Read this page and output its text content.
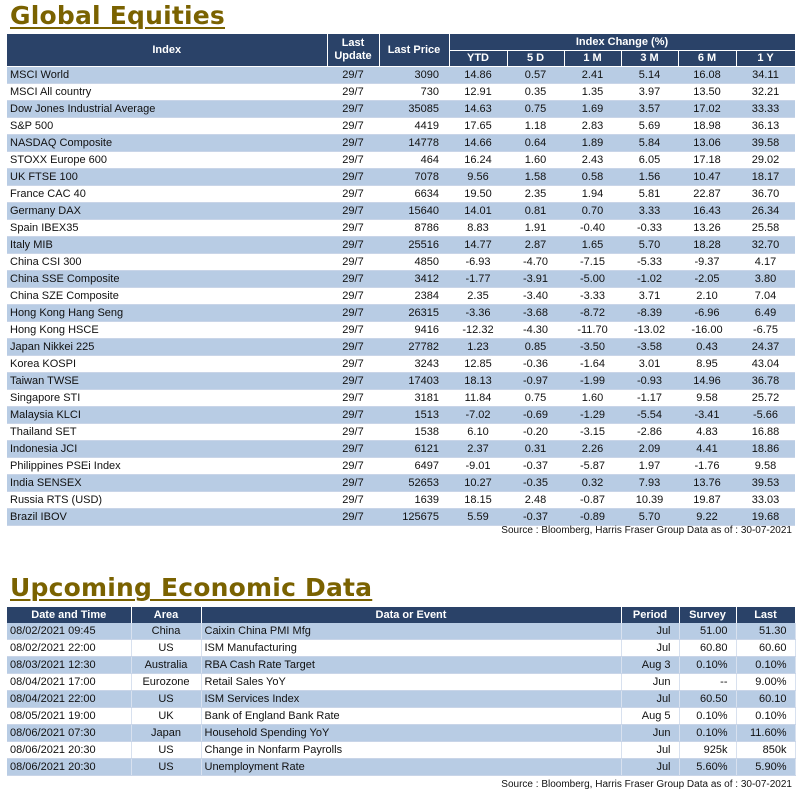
Global Equities
Index	Last Update	Last Price	Index Change (%)					
			YTD	5 D	1 M	3 M	6 M	1 Y
MSCI World	29/7	3090	14.86	0.57	2.41	5.14	16.08	34.11
MSCI All country	29/7	730	12.91	0.35	1.35	3.97	13.50	32.21
Dow Jones Industrial Average	29/7	35085	14.63	0.75	1.69	3.57	17.02	33.33
S&P 500	29/7	4419	17.65	1.18	2.83	5.69	18.98	36.13
NASDAQ Composite	29/7	14778	14.66	0.64	1.89	5.84	13.06	39.58
STOXX Europe 600	29/7	464	16.24	1.60	2.43	6.05	17.18	29.02
UK FTSE 100	29/7	7078	9.56	1.58	0.58	1.56	10.47	18.17
France CAC 40	29/7	6634	19.50	2.35	1.94	5.81	22.87	36.70
Germany DAX	29/7	15640	14.01	0.81	0.70	3.33	16.43	26.34
Spain IBEX35	29/7	8786	8.83	1.91	-0.40	-0.33	13.26	25.58
Italy MIB	29/7	25516	14.77	2.87	1.65	5.70	18.28	32.70
China CSI 300	29/7	4850	-6.93	-4.70	-7.15	-5.33	-9.37	4.17
China SSE Composite	29/7	3412	-1.77	-3.91	-5.00	-1.02	-2.05	3.80
China SZE Composite	29/7	2384	2.35	-3.40	-3.33	3.71	2.10	7.04
Hong Kong Hang Seng	29/7	26315	-3.36	-3.68	-8.72	-8.39	-6.96	6.49
Hong Kong HSCE	29/7	9416	-12.32	-4.30	-11.70	-13.02	-16.00	-6.75
Japan Nikkei 225	29/7	27782	1.23	0.85	-3.50	-3.58	0.43	24.37
Korea KOSPI	29/7	3243	12.85	-0.36	-1.64	3.01	8.95	43.04
Taiwan TWSE	29/7	17403	18.13	-0.97	-1.99	-0.93	14.96	36.78
Singapore STI	29/7	3181	11.84	0.75	1.60	-1.17	9.58	25.72
Malaysia KLCI	29/7	1513	-7.02	-0.69	-1.29	-5.54	-3.41	-5.66
Thailand SET	29/7	1538	6.10	-0.20	-3.15	-2.86	4.83	16.88
Indonesia JCI	29/7	6121	2.37	0.31	2.26	2.09	4.41	18.86
Philippines PSEi Index	29/7	6497	-9.01	-0.37	-5.87	1.97	-1.76	9.58
India SENSEX	29/7	52653	10.27	-0.35	0.32	7.93	13.76	39.53
Russia RTS (USD)	29/7	1639	18.15	2.48	-0.87	10.39	19.87	33.03
Brazil IBOV	29/7	125675	5.59	-0.37	-0.89	5.70	9.22	19.68
Source : Bloomberg, Harris Fraser Group Data as of : 30-07-2021
Upcoming Economic Data
Date and Time	Area	Data or Event	Period	Survey	Last
08/02/2021 09:45	China	Caixin China PMI Mfg	Jul	51.00	51.30
08/02/2021 22:00	US	ISM Manufacturing	Jul	60.80	60.60
08/03/2021 12:30	Australia	RBA Cash Rate Target	Aug 3	0.10%	0.10%
08/04/2021 17:00	Eurozone	Retail Sales YoY	Jun	--	9.00%
08/04/2021 22:00	US	ISM Services Index	Jul	60.50	60.10
08/05/2021 19:00	UK	Bank of England Bank Rate	Aug 5	0.10%	0.10%
08/06/2021 07:30	Japan	Household Spending YoY	Jun	0.10%	11.60%
08/06/2021 20:30	US	Change in Nonfarm Payrolls	Jul	925k	850k
08/06/2021 20:30	US	Unemployment Rate	Jul	5.60%	5.90%
Source : Bloomberg, Harris Fraser Group Data as of : 30-07-2021
